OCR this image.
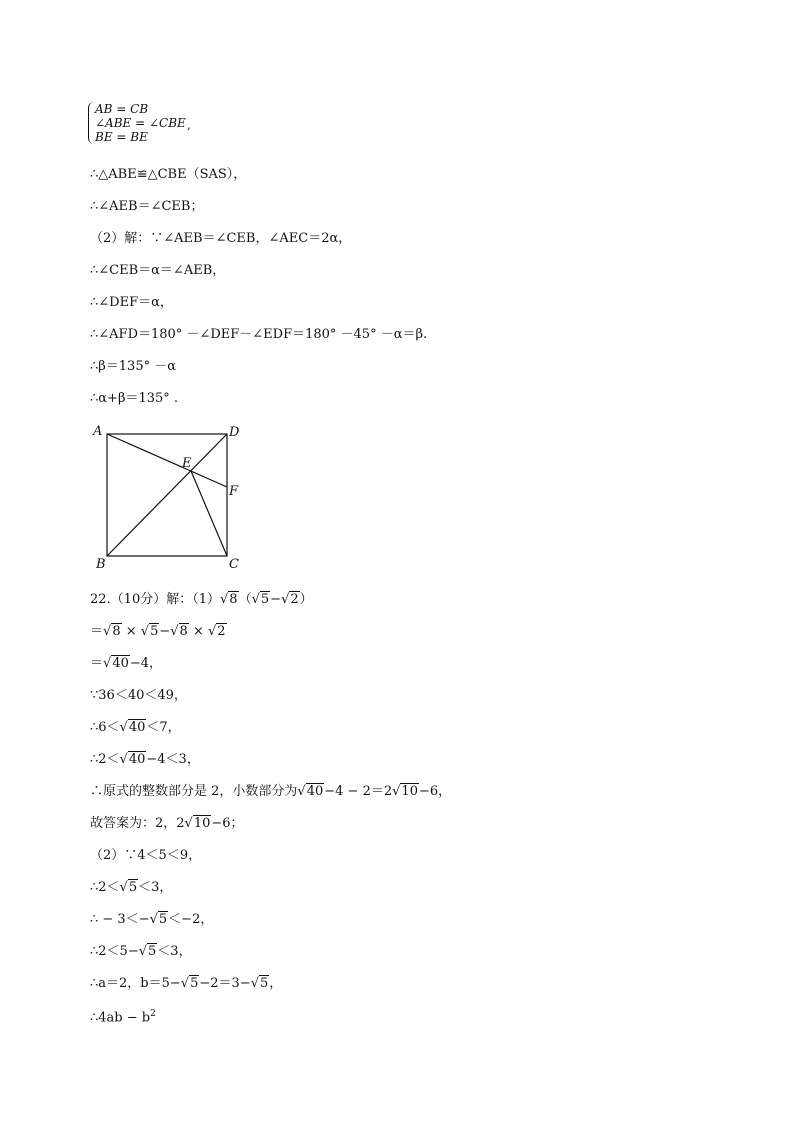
AB = CB
∠ABE = ∠CBE
BE = BE
,
∴△ABE≌△CBE（SAS），
∴∠AEB＝∠CEB；
（2）解：∵∠AEB＝∠CEB，∠AEC＝2α，
∴∠CEB＝α＝∠AEB，
∴∠DEF＝α，
∴∠AFD＝180° －∠DEF－∠EDF＝180° －45° －α＝β.
∴β＝135° －α
∴α+β＝135° .
A	D
E
F
B	C
22.（10分）解：（1）√8（√5−√2）
＝√8 × √5−√8 × √2
＝√40−4，
∵36＜40＜49，
∴6＜√40＜7，
∴2＜√40−4＜3，
∴原式的整数部分是 2，小数部分为√40−4 − 2＝2√10−6，
故答案为：2，2√10−6；
（2）∵4＜5＜9，
∴2＜√5＜3，
∴ − 3＜−√5＜−2，
∴2＜5−√5＜3，
∴a＝2，b＝5−√5−2＝3−√5，
∴4ab − $b^2$
